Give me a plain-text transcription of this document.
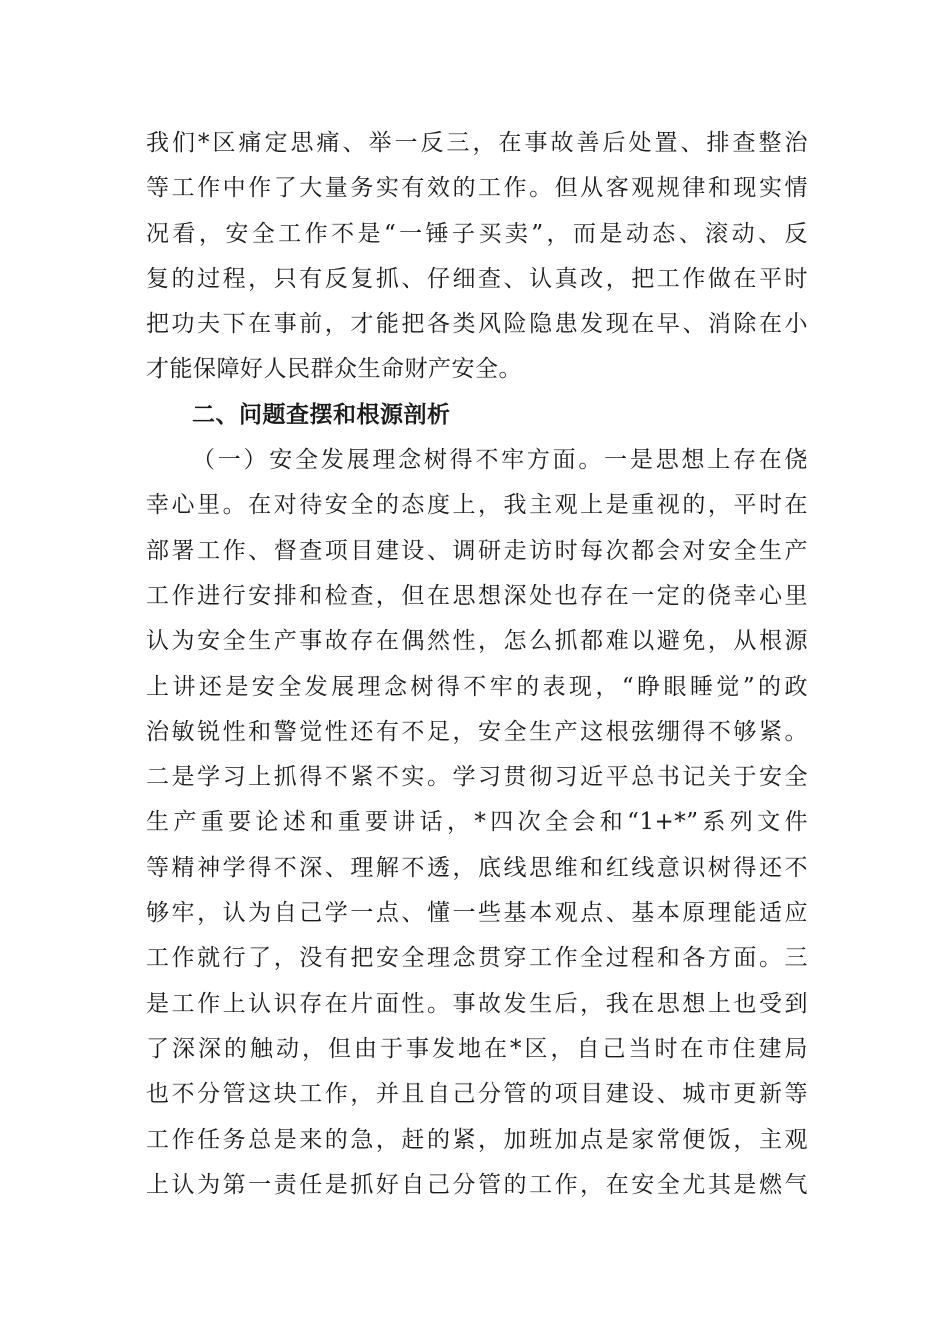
我们*区痛定思痛、举一反三，在事故善后处置、排查整治
等工作中作了大量务实有效的工作。但从客观规律和现实情
况看，安全工作不是“一锤子买卖”，而是动态、滚动、反
复的过程，只有反复抓、仔细查、认真改，把工作做在平时
把功夫下在事前，才能把各类风险隐患发现在早、消除在小
才能保障好人民群众生命财产安全。
二、问题查摆和根源剖析
（一）安全发展理念树得不牢方面。一是思想上存在侥
幸心里。在对待安全的态度上，我主观上是重视的，平时在
部署工作、督查项目建设、调研走访时每次都会对安全生产
工作进行安排和检查，但在思想深处也存在一定的侥幸心里
认为安全生产事故存在偶然性，怎么抓都难以避免，从根源
上讲还是安全发展理念树得不牢的表现，“睁眼睡觉”的政
治敏锐性和警觉性还有不足，安全生产这根弦绷得不够紧。
二是学习上抓得不紧不实。学习贯彻习近平总书记关于安全
生产重要论述和重要讲话，*四次全会和“1+*”系列文件
等精神学得不深、理解不透，底线思维和红线意识树得还不
够牢，认为自己学一点、懂一些基本观点、基本原理能适应
工作就行了，没有把安全理念贯穿工作全过程和各方面。三
是工作上认识存在片面性。事故发生后，我在思想上也受到
了深深的触动，但由于事发地在*区，自己当时在市住建局
也不分管这块工作，并且自己分管的项目建设、城市更新等
工作任务总是来的急，赶的紧，加班加点是家常便饭，主观
上认为第一责任是抓好自己分管的工作，在安全尤其是燃气
